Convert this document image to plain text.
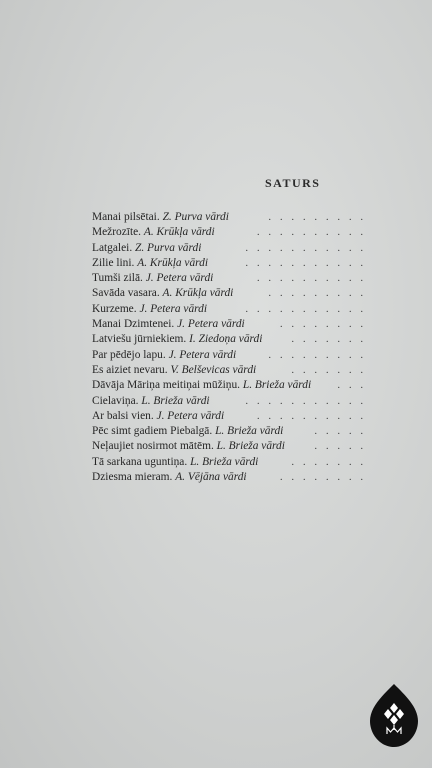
SATURS
Manai pilsētai. Z. Purva vārdi	.........
Mežrozīte. A. Krūkļa vārdi	..........
Latgalei. Z. Purva vārdi	...........
Zilie lini. A. Krūkļa vārdi	...........
Tumši zilā. J. Petera vārdi	..........
Savāda vasara. A. Krūkļa vārdi	.........
Kurzeme. J. Petera vārdi	...........
Manai Dzimtenei. J. Petera vārdi	........
Latviešu jūrniekiem. I. Ziedoņa vārdi	.......
Par pēdējo lapu. J. Petera vārdi	.........
Es aiziet nevaru. V. Belševicas vārdi	.......
Dāvāja Māriņa meitiņai mūžiņu. L. Brieža vārdi	...
Cielaviņa. L. Brieža vārdi	...........
Ar balsi vien. J. Petera vārdi	..........
Pēc simt gadiem Piebalgā. L. Brieža vārdi	.....
Neļaujiet nosirmot mātēm. L. Brieža vārdi	.....
Tā sarkana uguntiņa. L. Brieža vārdi	.......
Dziesma mieram. A. Vējāna vārdi	........
